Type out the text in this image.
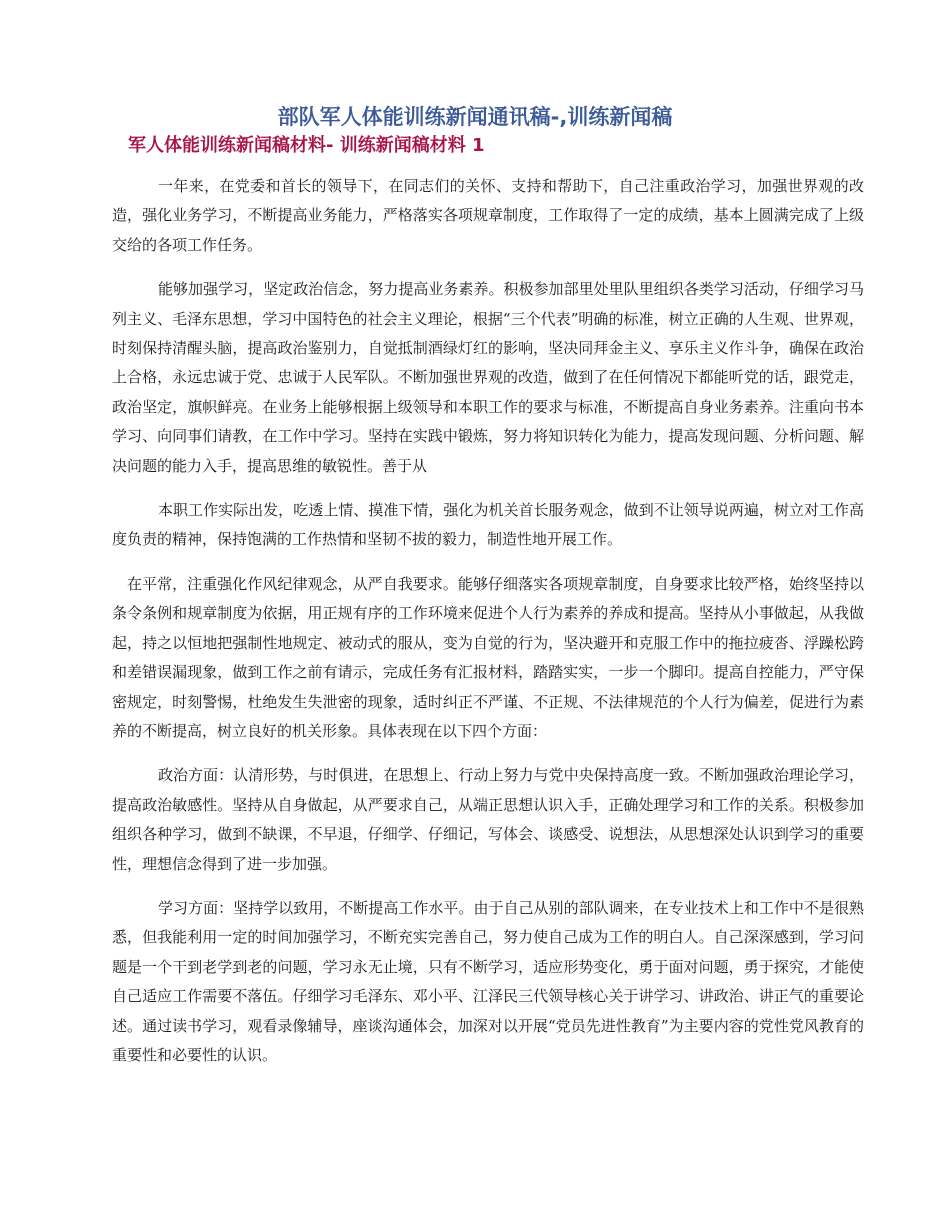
部队军人体能训练新闻通讯稿-,训练新闻稿
军人体能训练新闻稿材料- 训练新闻稿材料 1

一年来，在党委和首长的领导下，在同志们的关怀、支持和帮助下，自己注重政治学习，加强世界观的改造，强化业务学习，不断提高业务能力，严格落实各项规章制度，工作取得了一定的成绩，基本上圆满完成了上级交给的各项工作任务。

能够加强学习，坚定政治信念，努力提高业务素养。积极参加部里处里队里组织各类学习活动，仔细学习马列主义、毛泽东思想，学习中国特色的社会主义理论，根据“三个代表”明确的标准，树立正确的人生观、世界观，时刻保持清醒头脑，提高政治鉴别力，自觉抵制酒绿灯红的影响，坚决同拜金主义、享乐主义作斗争，确保在政治上合格，永远忠诚于党、忠诚于人民军队。不断加强世界观的改造，做到了在任何情况下都能听党的话，跟党走，政治坚定，旗帜鲜亮。在业务上能够根据上级领导和本职工作的要求与标准，不断提高自身业务素养。注重向书本学习、向同事们请教，在工作中学习。坚持在实践中锻炼，努力将知识转化为能力，提高发现问题、分析问题、解决问题的能力入手，提高思维的敏锐性。善于从

本职工作实际出发，吃透上情、摸准下情，强化为机关首长服务观念，做到不让领导说两遍，树立对工作高度负责的精神，保持饱满的工作热情和坚韧不拔的毅力，制造性地开展工作。

在平常，注重强化作风纪律观念，从严自我要求。能够仔细落实各项规章制度，自身要求比较严格，始终坚持以条令条例和规章制度为依据，用正规有序的工作环境来促进个人行为素养的养成和提高。坚持从小事做起，从我做起，持之以恒地把强制性地规定、被动式的服从，变为自觉的行为，坚决避开和克服工作中的拖拉疲沓、浮躁松跨和差错误漏现象，做到工作之前有请示，完成任务有汇报材料，踏踏实实，一步一个脚印。提高自控能力，严守保密规定，时刻警惕，杜绝发生失泄密的现象，适时纠正不严谨、不正规、不法律规范的个人行为偏差，促进行为素养的不断提高，树立良好的机关形象。具体表现在以下四个方面：

政治方面：认清形势，与时俱进，在思想上、行动上努力与党中央保持高度一致。不断加强政治理论学习，提高政治敏感性。坚持从自身做起，从严要求自己，从端正思想认识入手，正确处理学习和工作的关系。积极参加组织各种学习，做到不缺课，不早退，仔细学、仔细记，写体会、谈感受、说想法，从思想深处认识到学习的重要性，理想信念得到了进一步加强。

学习方面：坚持学以致用，不断提高工作水平。由于自己从别的部队调来，在专业技术上和工作中不是很熟悉，但我能利用一定的时间加强学习，不断充实完善自己，努力使自己成为工作的明白人。自己深深感到，学习问题是一个干到老学到老的问题，学习永无止境，只有不断学习，适应形势变化，勇于面对问题，勇于探究，才能使自己适应工作需要不落伍。仔细学习毛泽东、邓小平、江泽民三代领导核心关于讲学习、讲政治、讲正气的重要论述。通过读书学习，观看录像辅导，座谈沟通体会，加深对以开展“党员先进性教育”为主要内容的党性党风教育的重要性和必要性的认识。
